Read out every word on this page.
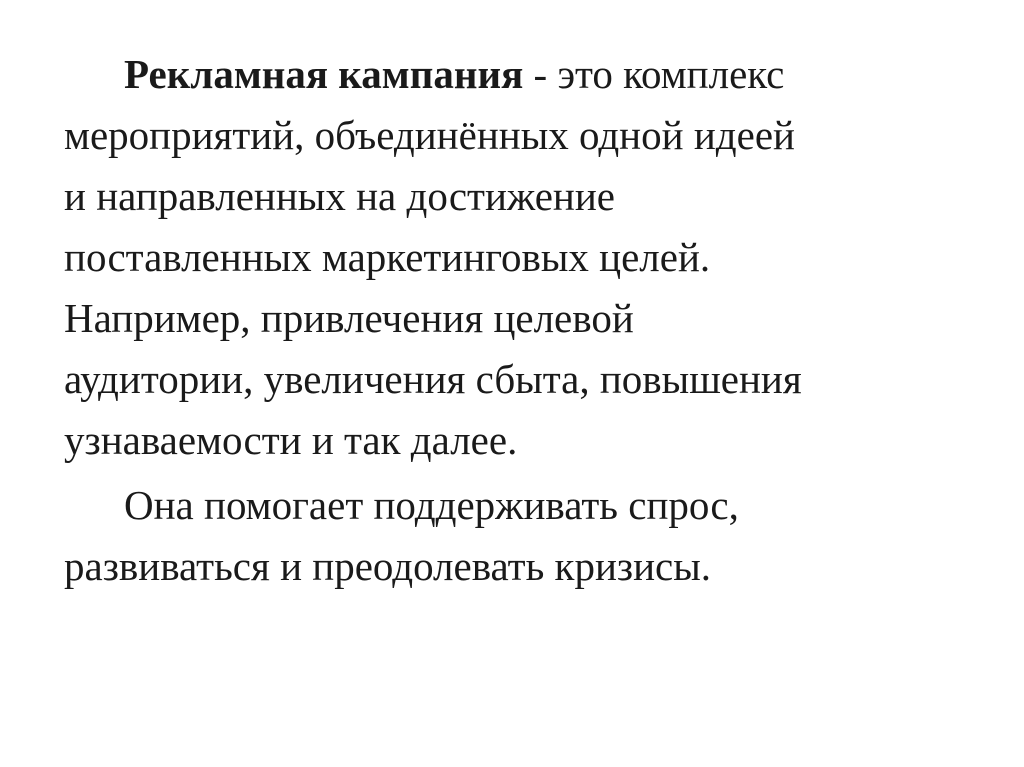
Рекламная кампания - это комплекс
мероприятий, объединённых одной идеей
и направленных на достижение
поставленных маркетинговых целей.
Например, привлечения целевой
аудитории, увеличения сбыта, повышения
узнаваемости и так далее.

Она помогает поддерживать спрос,
развиваться и преодолевать кризисы.
